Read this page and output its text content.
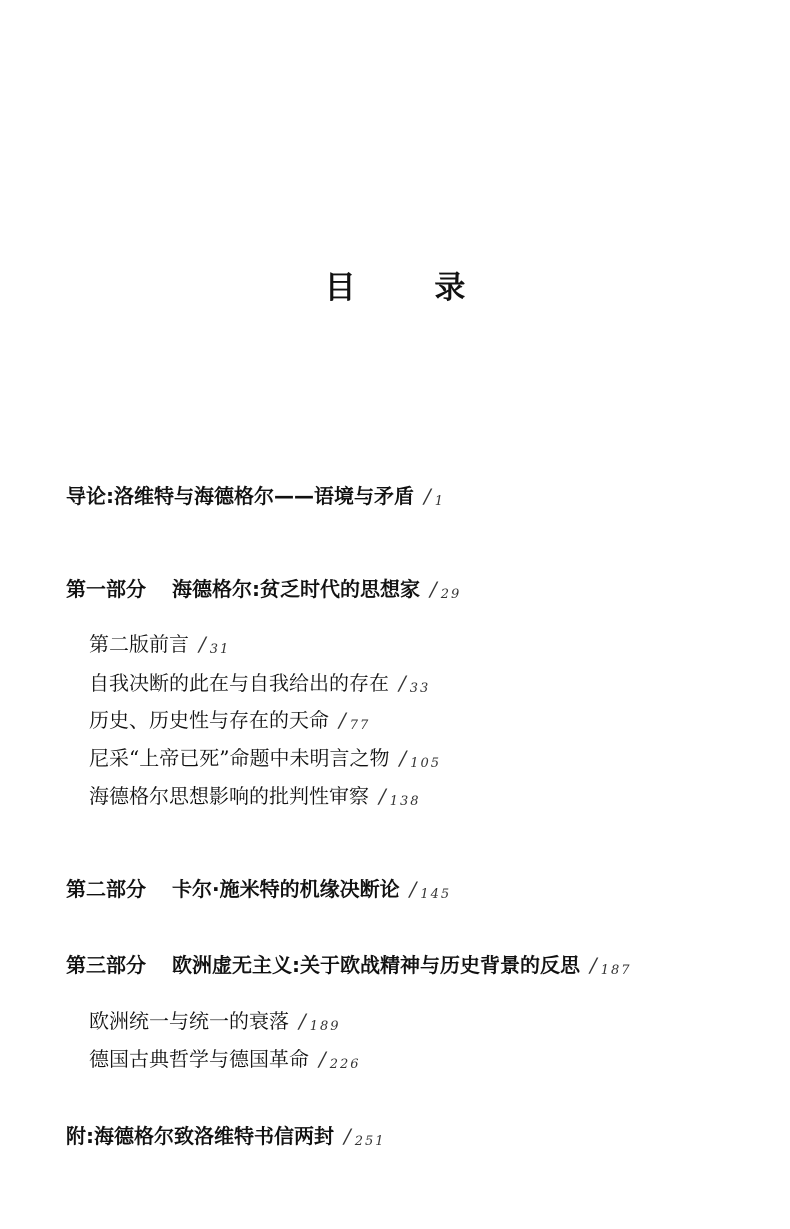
目 录
导论:洛维特与海德格尔——语境与矛盾 / 1
第一部分 海德格尔:贫乏时代的思想家 / 29
第二版前言 / 31
自我决断的此在与自我给出的存在 / 33
历史、历史性与存在的天命 / 77
尼采“上帝已死”命题中未明言之物 / 105
海德格尔思想影响的批判性审察 / 138
第二部分 卡尔·施米特的机缘决断论 / 145
第三部分 欧洲虚无主义:关于欧战精神与历史背景的反思 / 187
欧洲统一与统一的衰落 / 189
德国古典哲学与德国革命 / 226
附:海德格尔致洛维特书信两封 / 251
